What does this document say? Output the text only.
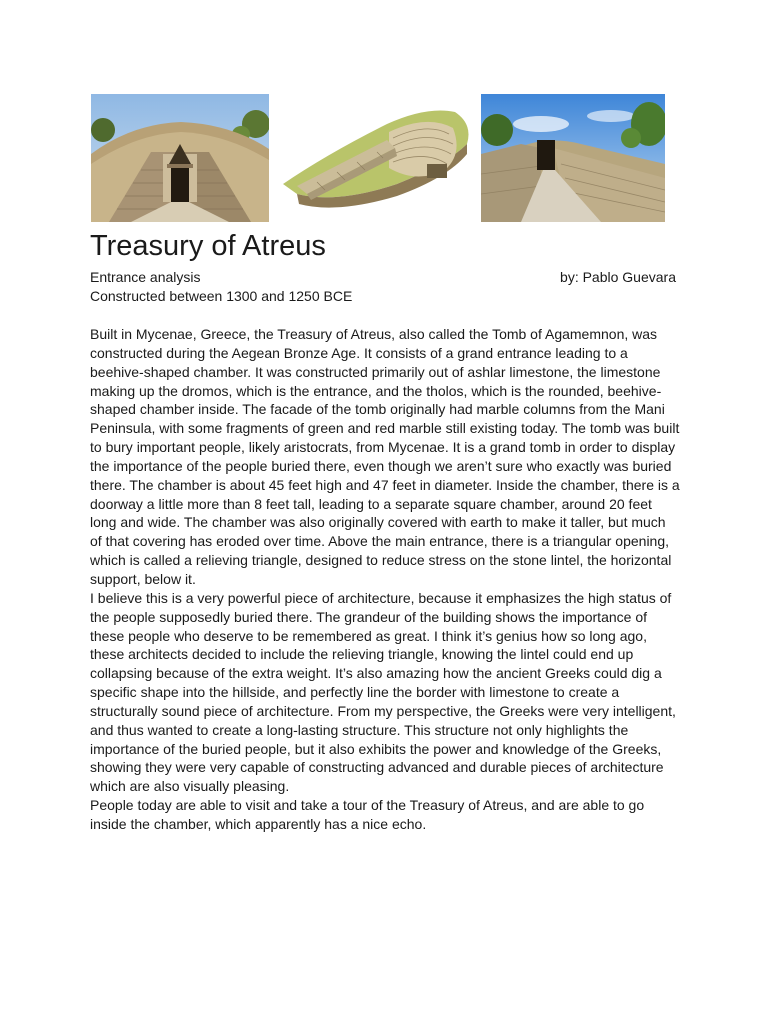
Treasury of Atreus
Entrance analysis	by: Pablo Guevara
Constructed between 1300 and 1250 BCE

Built in Mycenae, Greece, the Treasury of Atreus, also called the Tomb of Agamemnon, was constructed during the Aegean Bronze Age. It consists of a grand entrance leading to a beehive-shaped chamber. It was constructed primarily out of ashlar limestone, the limestone making up the dromos, which is the entrance, and the tholos, which is the rounded, beehive-shaped chamber inside. The facade of the tomb originally had marble columns from the Mani Peninsula, with some fragments of green and red marble still existing today. The tomb was built to bury important people, likely aristocrats, from Mycenae. It is a grand tomb in order to display the importance of the people buried there, even though we aren’t sure who exactly was buried there. The chamber is about 45 feet high and 47 feet in diameter. Inside the chamber, there is a doorway a little more than 8 feet tall, leading to a separate square chamber, around 20 feet long and wide. The chamber was also originally covered with earth to make it taller, but much of that covering has eroded over time. Above the main entrance, there is a triangular opening, which is called a relieving triangle, designed to reduce stress on the stone lintel, the horizontal support, below it.

I believe this is a very powerful piece of architecture, because it emphasizes the high status of the people supposedly buried there. The grandeur of the building shows the importance of these people who deserve to be remembered as great. I think it’s genius how so long ago, these architects decided to include the relieving triangle, knowing the lintel could end up collapsing because of the extra weight. It’s also amazing how the ancient Greeks could dig a specific shape into the hillside, and perfectly line the border with limestone to create a structurally sound piece of architecture. From my perspective, the Greeks were very intelligent, and thus wanted to create a long-lasting structure. This structure not only highlights the importance of the buried people, but it also exhibits the power and knowledge of the Greeks, showing they were very capable of constructing advanced and durable pieces of architecture which are also visually pleasing.

People today are able to visit and take a tour of the Treasury of Atreus, and are able to go inside the chamber, which apparently has a nice echo.
